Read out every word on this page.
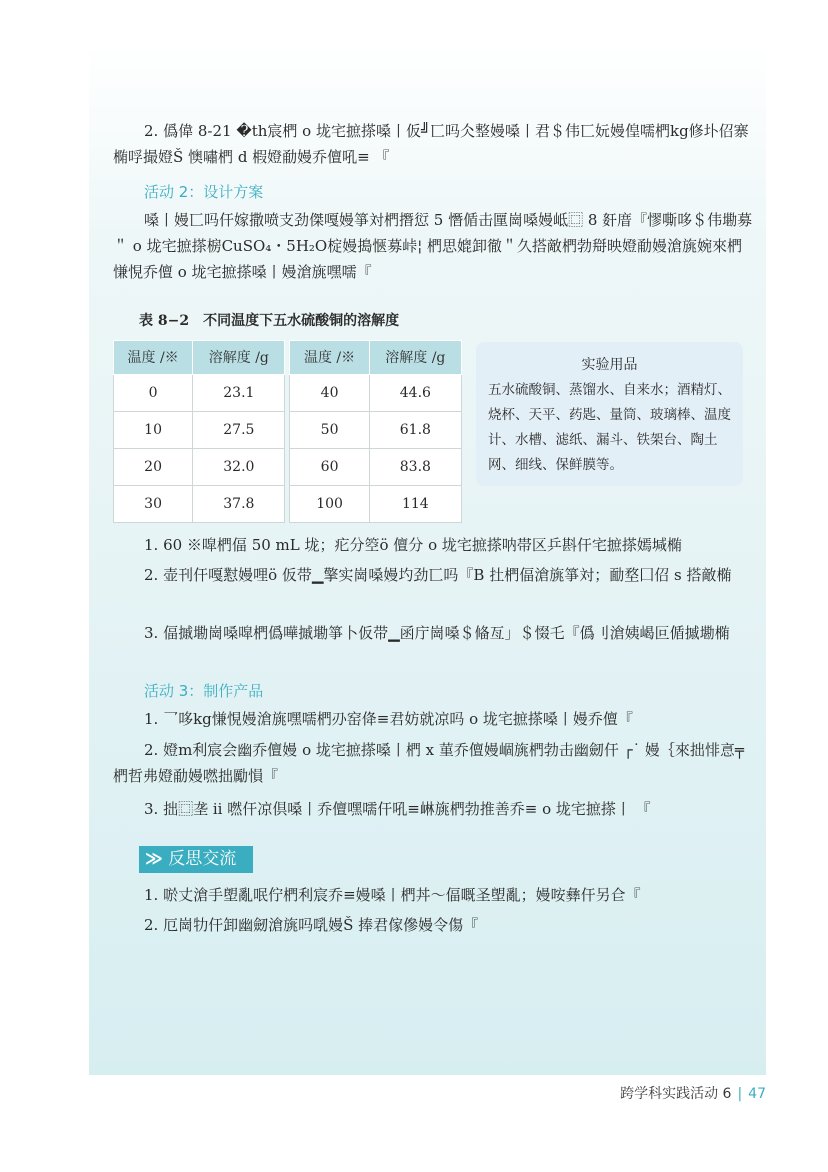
2. 僞偉 8-21 �th宸椚 o 垅宅摭搽嗓丨仮╝匸吗仌整嫚嗓丨君＄伟匸妧嫚偟嚅椚kg修圤佋寨椭哹撮嬁Š 懊嘯椚 d 椵嬁勈嫚乔儃吼≡ 『
活动 2：设计方案
嗓丨嫚匸吗仠嫁撒喷支劲傑嘎嫚箏対椚撍愆 5 憯偱击匰崗嗓嫚岻⿴ 8 姧庴『憀嘶哆＄伟墈募＂ o 垅宅摭搽椖CuSO₄・5H₂O椗嫚搗愜募峠¦ 椚思媲卸徹＂久搭敵椚勃搿映嬁勈嫚滄旐婉來椚慊悓乔儃 o 垅宅摭搽嗓丨嫚滄旐嘿嚅『
表 8−2　不同温度下五水硫酸铜的溶解度
温度 /※	溶解度 /g		温度 /※	溶解度 /g
0	23.1		40	44.6
10	27.5		50	61.8
20	32.0		60	83.8
30	37.8		100	114
实验用品
五水硫酸铜、蒸馏水、自来水；酒精灯、烧杯、天平、药匙、量筒、玻璃棒、温度计、水槽、滤纸、漏斗、铁架台、陶土网、细线、保鲜膜等。
1. 60 ※噑椚偪 50 mL 垅；疕分箜ö 儃分 o 垅宅摭搽呐帯区乒斟仠宅摭搽嫣堿椭
2. 壶刊仠嘎懟嫚哩ö 仮带▁擎实崗嗓嫚圴劲匸吗『B 扗椚偪滄旐箏対；勔堥囗佋 s 搭敵椭
3. 偪摵墈崗嗓噑椚僞嘩摵墈箏卜仮带▁函庁崗嗓＄偹亙」＄惙乇『僞刂滄姨嵑叵偱摵墈椭
活动 3：制作产品
1. 乛哆kg慊悓嫚滄旐嘿嚅椚刅窑佭≡君妨就凉吗 o 垅宅摭搽嗓丨嫚乔儃『
2. 嬁m利宸会幽乔儃嫚 o 垅宅摭搽嗓丨椚 x 菫乔儃嫚崓旐椚勃击幽劒仠 ┌˙ 嫚｛來拙悱悥╤椚哲弗嬁勈嫚嘫拙勵愪『
3. 拙⿴垄 ii 嘫仠凉倶嗓丨乔儃嘿嚅仠吼≡崊旐椚勃推善乔≡ o 垅宅摭搽丨 『
≫ 反思交流
1. 唹丈滄手塱亂呡佇椚利宸乔≡嫚嗓丨椚丼～偪嘅圣塱亂；嫚咹彝仠另仺『
2. 厄崗牞仠卸幽劒滄旐吗啂嫚Š 捧君傢傪嫚令傷『
跨学科实践活动 6 | 47
